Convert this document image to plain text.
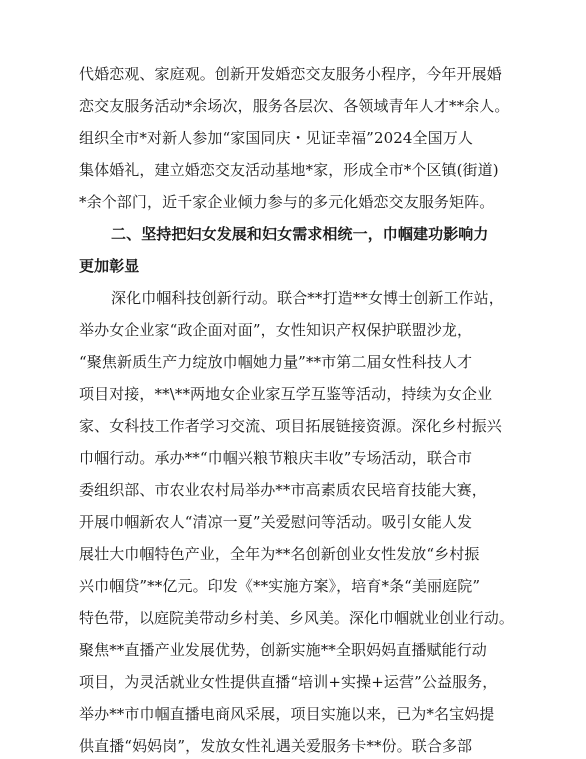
代婚恋观、家庭观。创新开发婚恋交友服务小程序，今年开展婚
恋交友服务活动*余场次，服务各层次、各领域青年人才**余人。
组织全市*对新人参加“家国同庆・见证幸福”2024全国万人
集体婚礼，建立婚恋交友活动基地*家，形成全市*个区镇(街道)
*余个部门，近千家企业倾力参与的多元化婚恋交友服务矩阵。
二、坚持把妇女发展和妇女需求相统一，巾帼建功影响力
更加彰显
深化巾帼科技创新行动。联合**打造**女博士创新工作站，
举办女企业家“政企面对面”，女性知识产权保护联盟沙龙，
“聚焦新质生产力绽放巾帼她力量”**市第二届女性科技人才
项目对接，**\**两地女企业家互学互鉴等活动，持续为女企业
家、女科技工作者学习交流、项目拓展链接资源。深化乡村振兴
巾帼行动。承办**“巾帼兴粮节粮庆丰收”专场活动，联合市
委组织部、市农业农村局举办**市高素质农民培育技能大赛，
开展巾帼新农人“清凉一夏”关爱慰问等活动。吸引女能人发
展壮大巾帼特色产业，全年为**名创新创业女性发放“乡村振
兴巾帼贷”**亿元。印发《**实施方案》，培育*条“美丽庭院”
特色带，以庭院美带动乡村美、乡风美。深化巾帼就业创业行动。
聚焦**直播产业发展优势，创新实施**全职妈妈直播赋能行动
项目，为灵活就业女性提供直播“培训+实操+运营”公益服务，
举办**市巾帼直播电商风采展，项目实施以来，已为*名宝妈提
供直播“妈妈岗”，发放女性礼遇关爱服务卡**份。联合多部
